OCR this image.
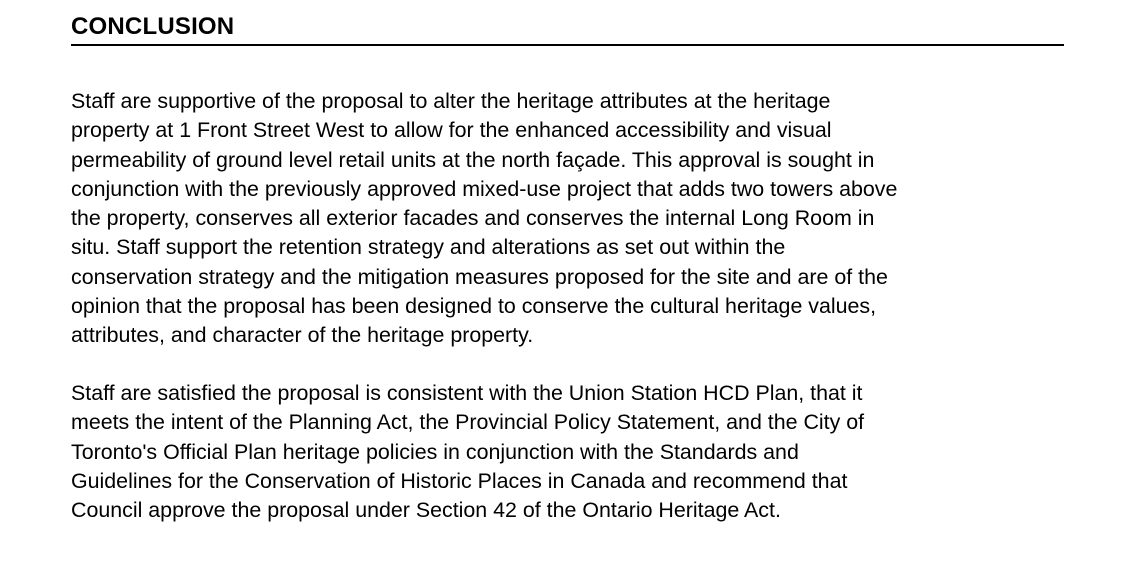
CONCLUSION
Staff are supportive of the proposal to alter the heritage attributes at the heritage
property at 1 Front Street West to allow for the enhanced accessibility and visual
permeability of ground level retail units at the north façade. This approval is sought in
conjunction with the previously approved mixed-use project that adds two towers above
the property, conserves all exterior facades and conserves the internal Long Room in
situ. Staff support the retention strategy and alterations as set out within the
conservation strategy and the mitigation measures proposed for the site and are of the
opinion that the proposal has been designed to conserve the cultural heritage values,
attributes, and character of the heritage property.
Staff are satisfied the proposal is consistent with the Union Station HCD Plan, that it
meets the intent of the Planning Act, the Provincial Policy Statement, and the City of
Toronto's Official Plan heritage policies in conjunction with the Standards and
Guidelines for the Conservation of Historic Places in Canada and recommend that
Council approve the proposal under Section 42 of the Ontario Heritage Act.
